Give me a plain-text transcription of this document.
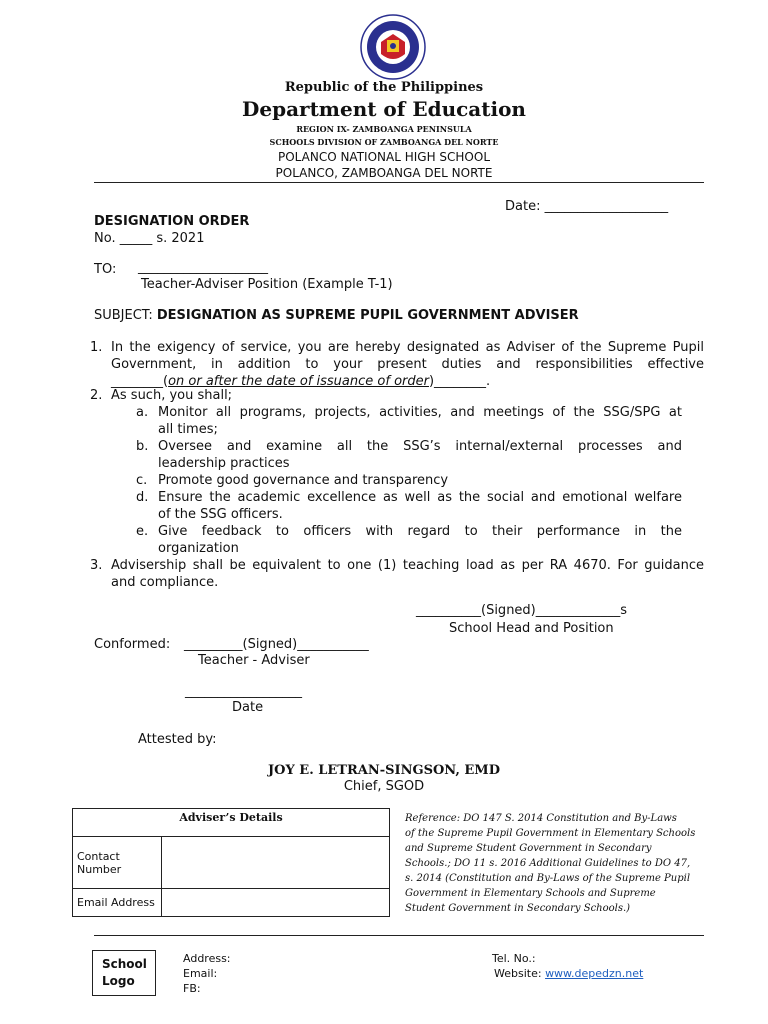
Republic of the Philippines
Department of Education
REGION IX- ZAMBOANGA PENINSULA
SCHOOLS DIVISION OF ZAMBOANGA DEL NORTE
POLANCO NATIONAL HIGH SCHOOL
POLANCO, ZAMBOANGA DEL NORTE
Date: ___________________
DESIGNATION ORDER
No. _____ s. 2021
TO: ____________________
Teacher-Adviser Position (Example T-1)
SUBJECT: DESIGNATION AS SUPREME PUPIL GOVERNMENT ADVISER
1. In the exigency of service, you are hereby designated as Adviser of the Supreme Pupil
Government, in addition to your present duties and responsibilities effective
________(on or after the date of issuance of order)________.
2. As such, you shall;
a. Monitor all programs, projects, activities, and meetings of the SSG/SPG at
all times;
b. Oversee and examine all the SSG’s internal/external processes and
leadership practices
c. Promote good governance and transparency
d. Ensure the academic excellence as well as the social and emotional welfare
of the SSG officers.
e. Give feedback to officers with regard to their performance in the
organization
3. Advisership shall be equivalent to one (1) teaching load as per RA 4670. For guidance
and compliance.
__________(Signed)_____________s
School Head and Position
Conformed: _________(Signed)___________
Teacher - Adviser
__________________
Date
Attested by:
JOY E. LETRAN-SINGSON, EMD
Chief, SGOD
Adviser’s Details	
Contact Number	
Email Address	
Reference: DO 147 S. 2014 Constitution and By-Laws
of the Supreme Pupil Government in Elementary Schools
and Supreme Student Government in Secondary
Schools.; DO 11 s. 2016 Additional Guidelines to DO 47,
s. 2014 (Constitution and By-Laws of the Supreme Pupil
Government in Elementary Schools and Supreme
Student Government in Secondary Schools.)
School Logo
Address:
Email:
FB:
Tel. No.:
Website: www.depedzn.net
